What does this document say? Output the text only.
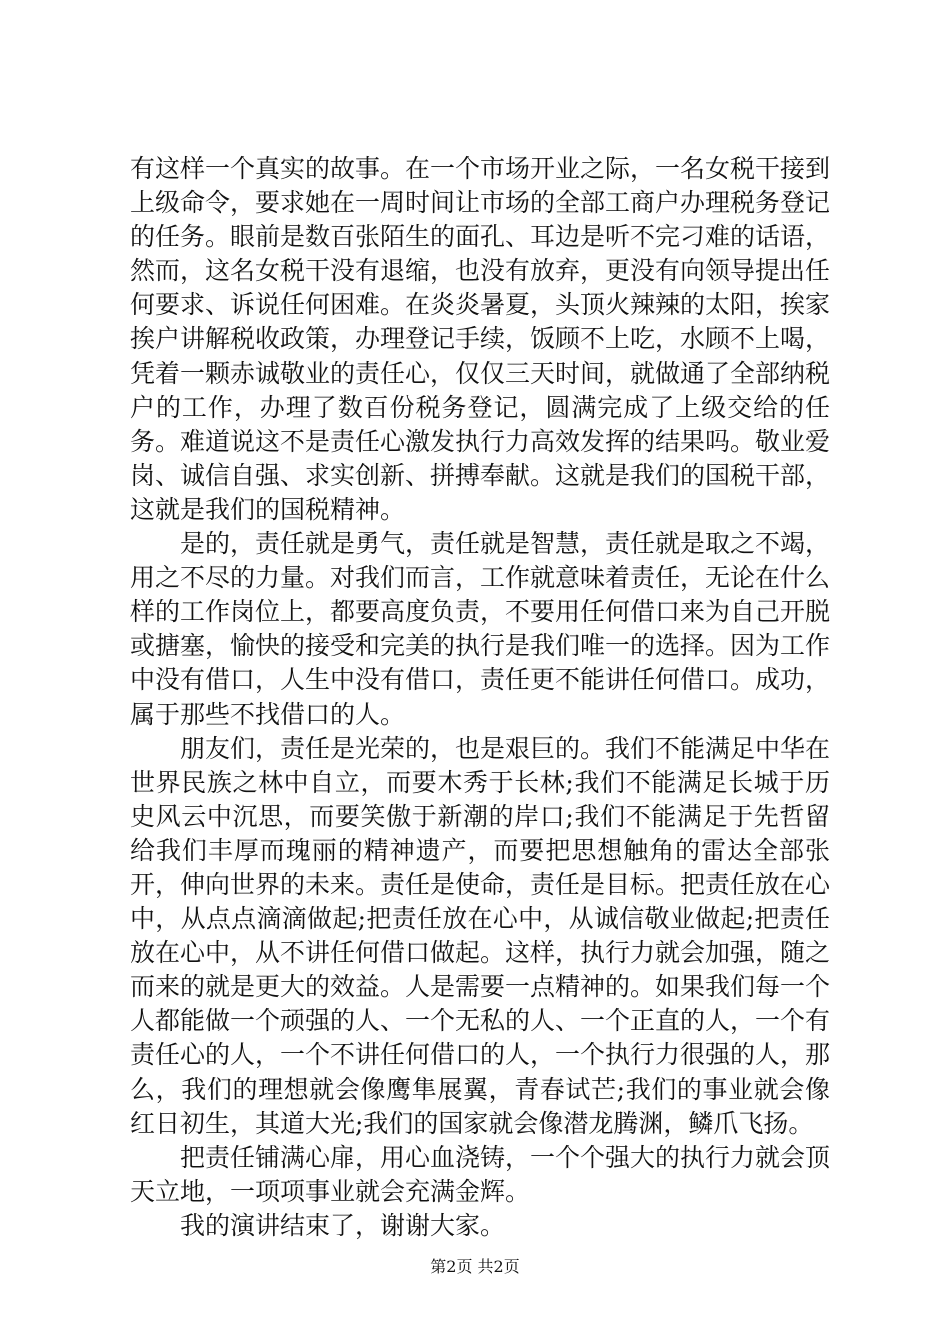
有这样一个真实的故事。在一个市场开业之际，一名女税干接到上级命令，要求她在一周时间让市场的全部工商户办理税务登记的任务。眼前是数百张陌生的面孔、耳边是听不完刁难的话语，然而，这名女税干没有退缩，也没有放弃，更没有向领导提出任何要求、诉说任何困难。在炎炎暑夏，头顶火辣辣的太阳，挨家挨户讲解税收政策，办理登记手续，饭顾不上吃，水顾不上喝，凭着一颗赤诚敬业的责任心，仅仅三天时间，就做通了全部纳税户的工作，办理了数百份税务登记，圆满完成了上级交给的任务。难道说这不是责任心激发执行力高效发挥的结果吗。敬业爱岗、诚信自强、求实创新、拼搏奉献。这就是我们的国税干部，这就是我们的国税精神。

是的，责任就是勇气，责任就是智慧，责任就是取之不竭，用之不尽的力量。对我们而言，工作就意味着责任，无论在什么样的工作岗位上，都要高度负责，不要用任何借口来为自己开脱或搪塞，愉快的接受和完美的执行是我们唯一的选择。因为工作中没有借口，人生中没有借口，责任更不能讲任何借口。成功，属于那些不找借口的人。

朋友们，责任是光荣的，也是艰巨的。我们不能满足中华在世界民族之林中自立，而要木秀于长林;我们不能满足长城于历史风云中沉思，而要笑傲于新潮的岸口;我们不能满足于先哲留给我们丰厚而瑰丽的精神遗产，而要把思想触角的雷达全部张开，伸向世界的未来。责任是使命，责任是目标。把责任放在心中，从点点滴滴做起;把责任放在心中，从诚信敬业做起;把责任放在心中，从不讲任何借口做起。这样，执行力就会加强，随之而来的就是更大的效益。人是需要一点精神的。如果我们每一个人都能做一个顽强的人、一个无私的人、一个正直的人，一个有责任心的人，一个不讲任何借口的人，一个执行力很强的人，那么，我们的理想就会像鹰隼展翼，青春试芒;我们的事业就会像红日初生，其道大光;我们的国家就会像潜龙腾渊，鳞爪飞扬。

把责任铺满心扉，用心血浇铸，一个个强大的执行力就会顶天立地，一项项事业就会充满金辉。

我的演讲结束了，谢谢大家。

第2页 共2页
